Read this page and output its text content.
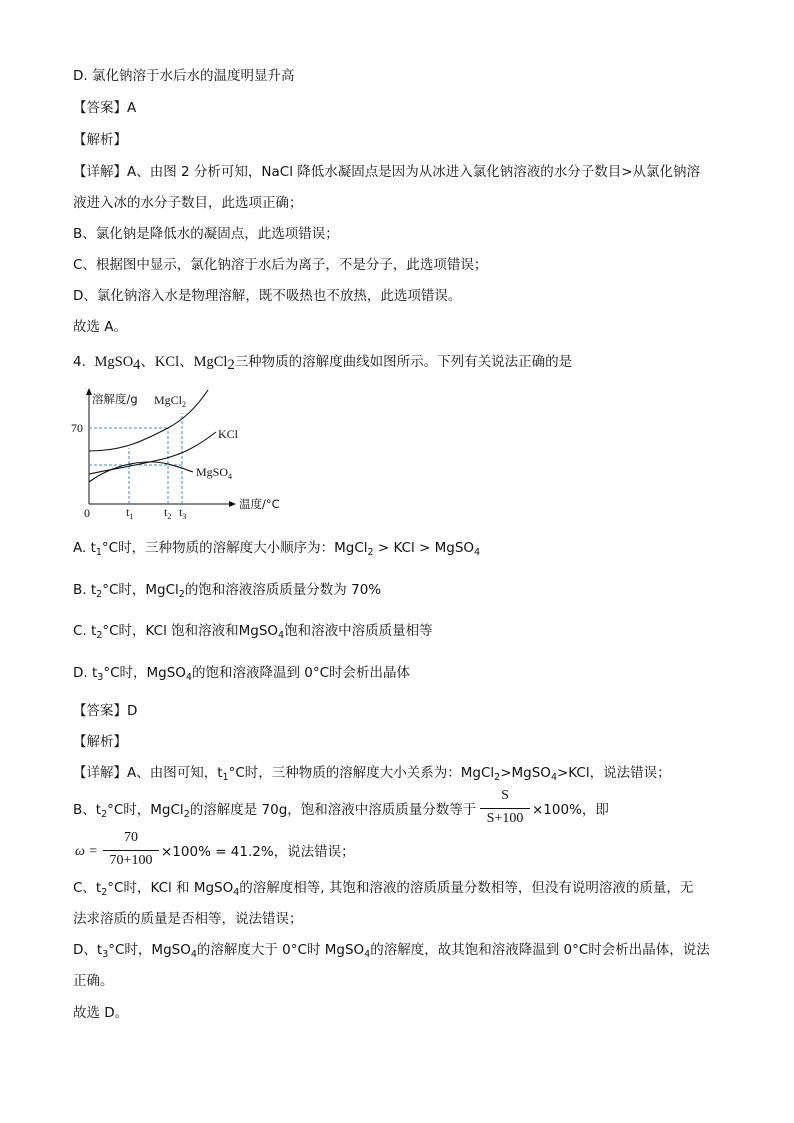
D. 氯化钠溶于水后水的温度明显升高
【答案】A
【解析】
【详解】A、由图 2 分析可知，NaCl 降低水凝固点是因为从冰进入氯化钠溶液的水分子数目>从氯化钠溶
液进入冰的水分子数目，此选项正确；
B、氯化钠是降低水的凝固点，此选项错误；
C、根据图中显示，氯化钠溶于水后为离子，不是分子，此选项错误；
D、氯化钠溶入水是物理溶解，既不吸热也不放热，此选项错误。
故选 A。
4. MgSO$_4$、KCl、MgCl$_2$三种物质的溶解度曲线如图所示。下列有关说法正确的是
溶解度/g
温度/°C
70
0	$t_1$	$t_2$ $t_3$
MgCl$_2$
KCl
MgSO$_4$
A. $t_1^\circ C$时，三种物质的溶解度大小顺序为：MgCl$_2$ > KCl > MgSO$_4$
B. $t_2^\circ C$时，MgCl$_2$的饱和溶液溶质质量分数为 70%
C. $t_2^\circ C$时，KCl 饱和溶液和MgSO$_4$饱和溶液中溶质质量相等
D. $t_3^\circ C$时，MgSO$_4$的饱和溶液降温到 0°C时会析出晶体
【答案】D
【解析】
【详解】A、由图可知，$t_1^\circ C$时，三种物质的溶解度大小关系为：MgCl$_2$>MgSO$_4$>KCl，说法错误；
B、$t_2^\circ C$时，MgCl$_2$的溶解度是 70g，饱和溶液中溶质质量分数等于
S
S+100
×100%，即
ω =
70
70+100
×100% = 41.2%，说法错误；
C、$t_2^\circ C$时，KCl 和 MgSO$_4$的溶解度相等, 其饱和溶液的溶质质量分数相等，但没有说明溶液的质量，无
法求溶质的质量是否相等，说法错误；
D、$t_3^\circ C$时，MgSO$_4$的溶解度大于 0°C时 MgSO$_4$的溶解度，故其饱和溶液降温到 0°C时会析出晶体，说法
正确。
故选 D。
